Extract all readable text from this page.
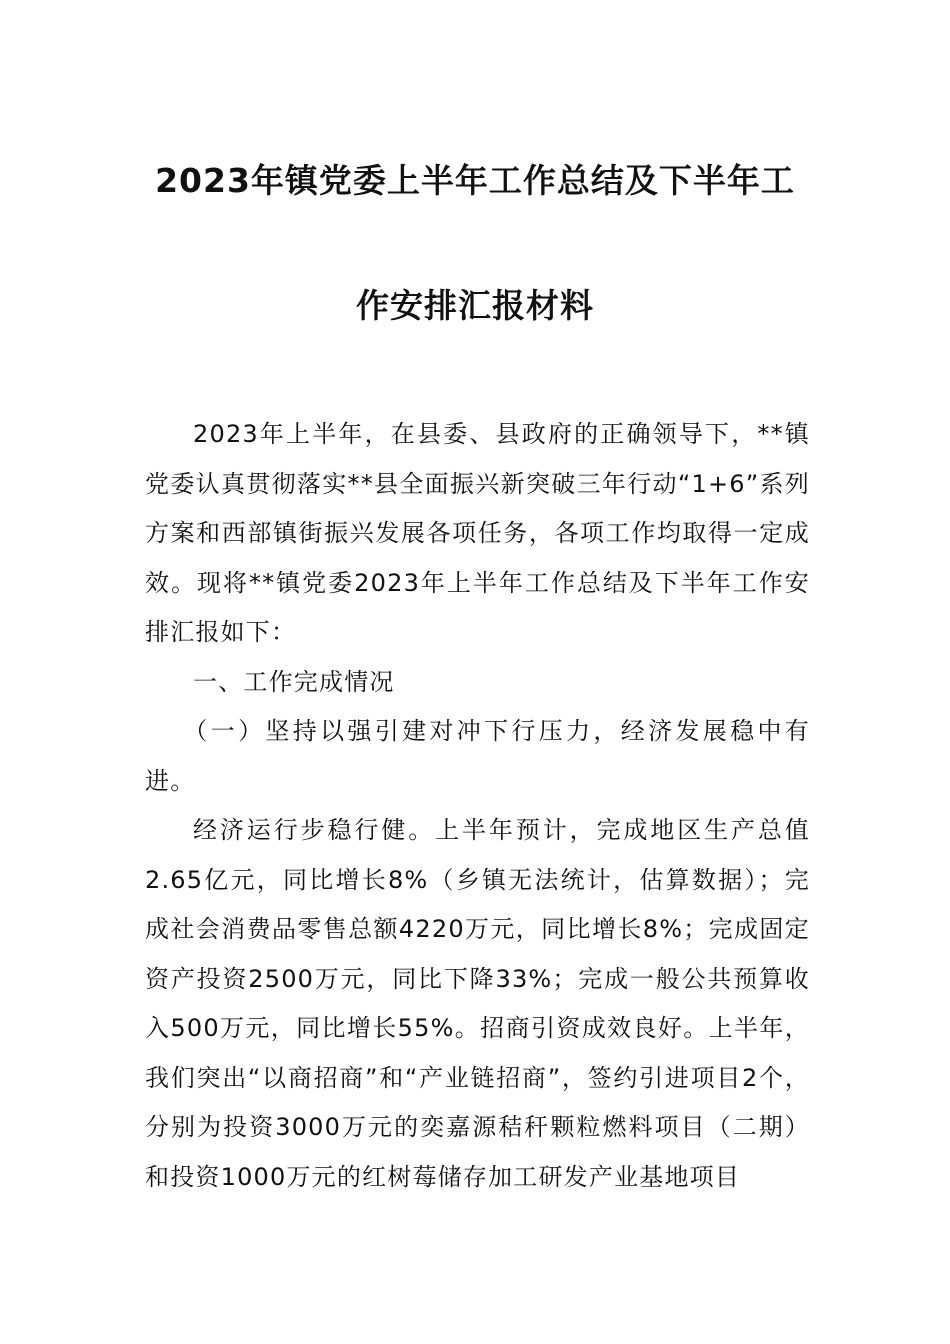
2023年镇党委上半年工作总结及下半年工
作安排汇报材料

2023年上半年，在县委、县政府的正确领导下，**镇党委认真贯彻落实**县全面振兴新突破三年行动“1+6”系列方案和西部镇街振兴发展各项任务，各项工作均取得一定成效。现将**镇党委2023年上半年工作总结及下半年工作安排汇报如下：

一、工作完成情况

（一）坚持以强引建对冲下行压力，经济发展稳中有进。

经济运行步稳行健。上半年预计，完成地区生产总值2.65亿元，同比增长8%（乡镇无法统计，估算数据）；完成社会消费品零售总额4220万元，同比增长8%；完成固定资产投资2500万元，同比下降33%；完成一般公共预算收入500万元，同比增长55%。招商引资成效良好。上半年，我们突出“以商招商”和“产业链招商”，签约引进项目2个，分别为投资3000万元的奕嘉源秸秆颗粒燃料项目（二期）和投资1000万元的红树莓储存加工研发产业基地项目
